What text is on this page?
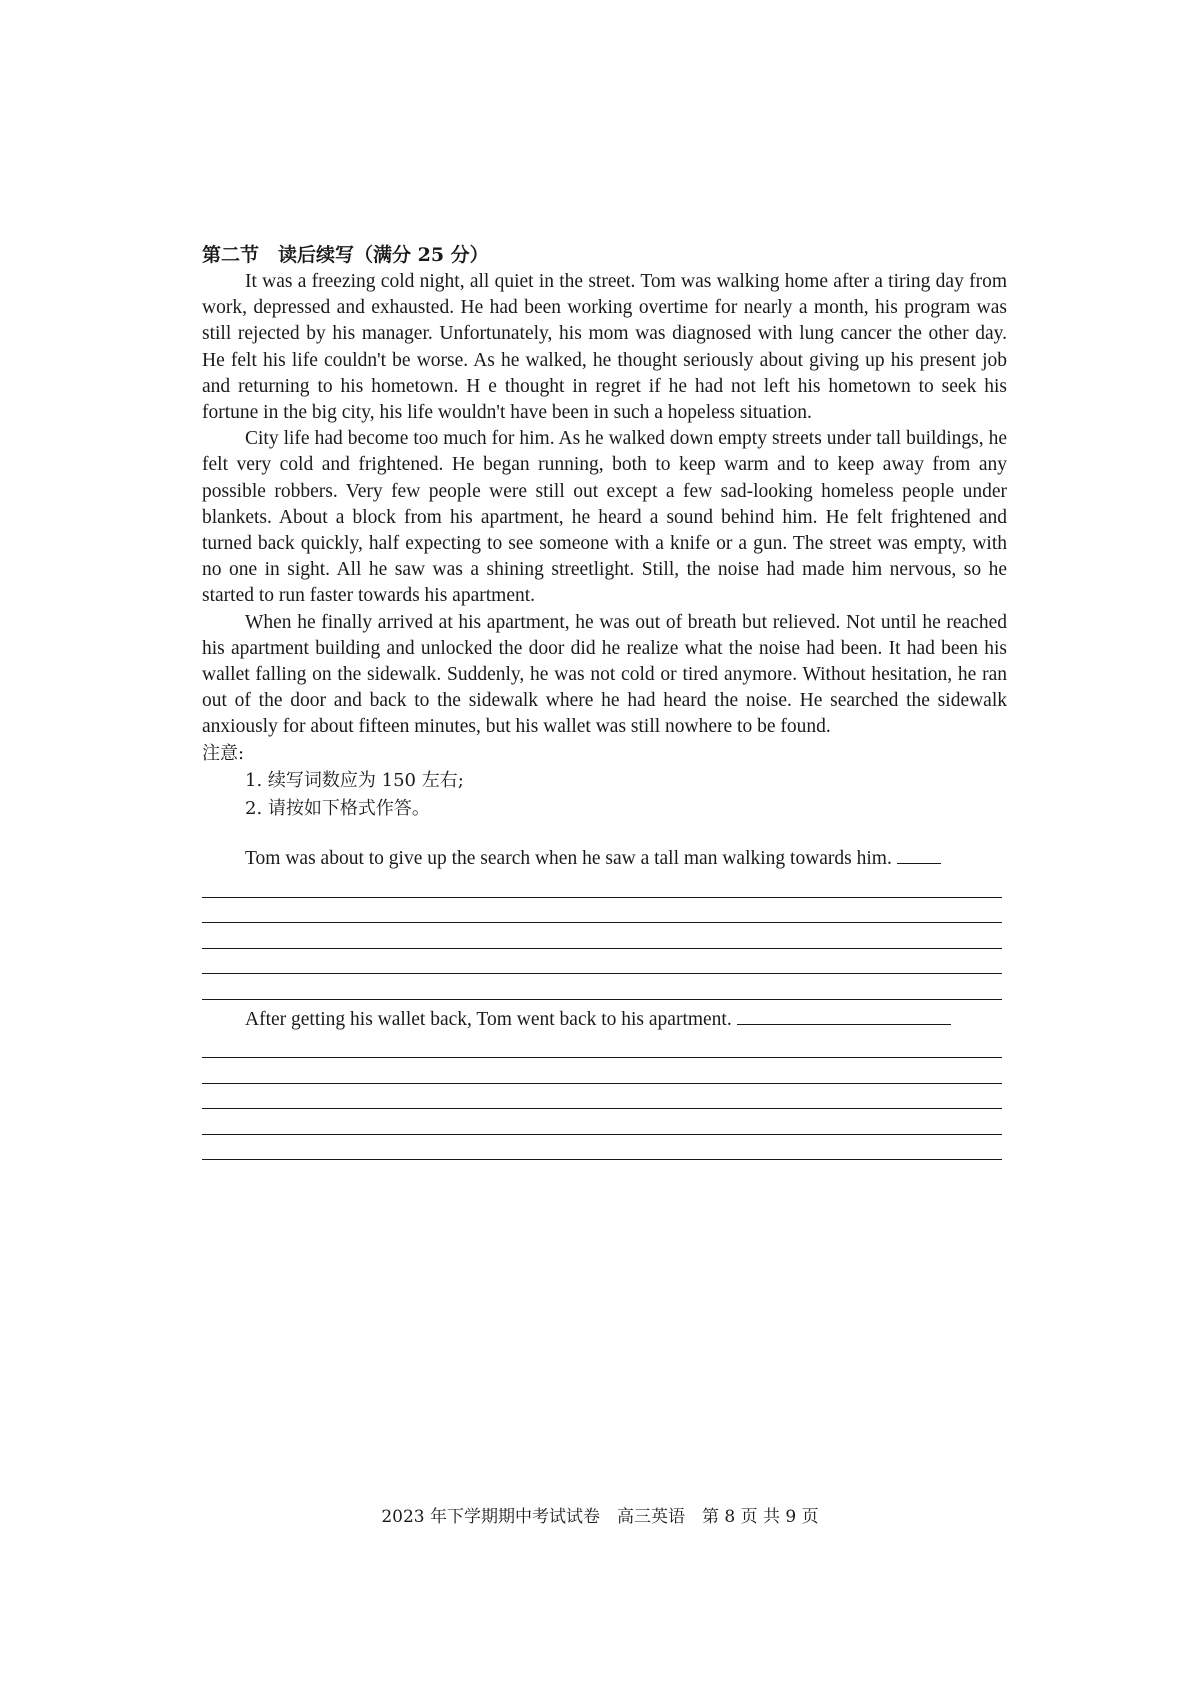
第二节　读后续写（满分 25 分）

It was a freezing cold night, all quiet in the street. Tom was walking home after a tiring day from work, depressed and exhausted. He had been working overtime for nearly a month, his program was still rejected by his manager. Unfortunately, his mom was diagnosed with lung cancer the other day. He felt his life couldn't be worse. As he walked, he thought seriously about giving up his present job and returning to his hometown. H e thought in regret if he had not left his hometown to seek his fortune in the big city, his life wouldn't have been in such a hopeless situation.

City life had become too much for him. As he walked down empty streets under tall buildings, he felt very cold and frightened. He began running, both to keep warm and to keep away from any possible robbers. Very few people were still out except a few sad-looking homeless people under blankets. About a block from his apartment, he heard a sound behind him. He felt frightened and turned back quickly, half expecting to see someone with a knife or a gun. The street was empty, with no one in sight. All he saw was a shining streetlight. Still, the noise had made him nervous, so he started to run faster towards his apartment.

When he finally arrived at his apartment, he was out of breath but relieved. Not until he reached his apartment building and unlocked the door did he realize what the noise had been. It had been his wallet falling on the sidewalk. Suddenly, he was not cold or tired anymore. Without hesitation, he ran out of the door and back to the sidewalk where he had heard the noise. He searched the sidewalk anxiously for about fifteen minutes, but his wallet was still nowhere to be found.

注意:
1. 续写词数应为 150 左右;
2. 请按如下格式作答。
Tom was about to give up the search when he saw a tall man walking towards him.
After getting his wallet back, Tom went back to his apartment.
2023 年下学期期中考试试卷　高三英语　第 8 页 共 9 页
